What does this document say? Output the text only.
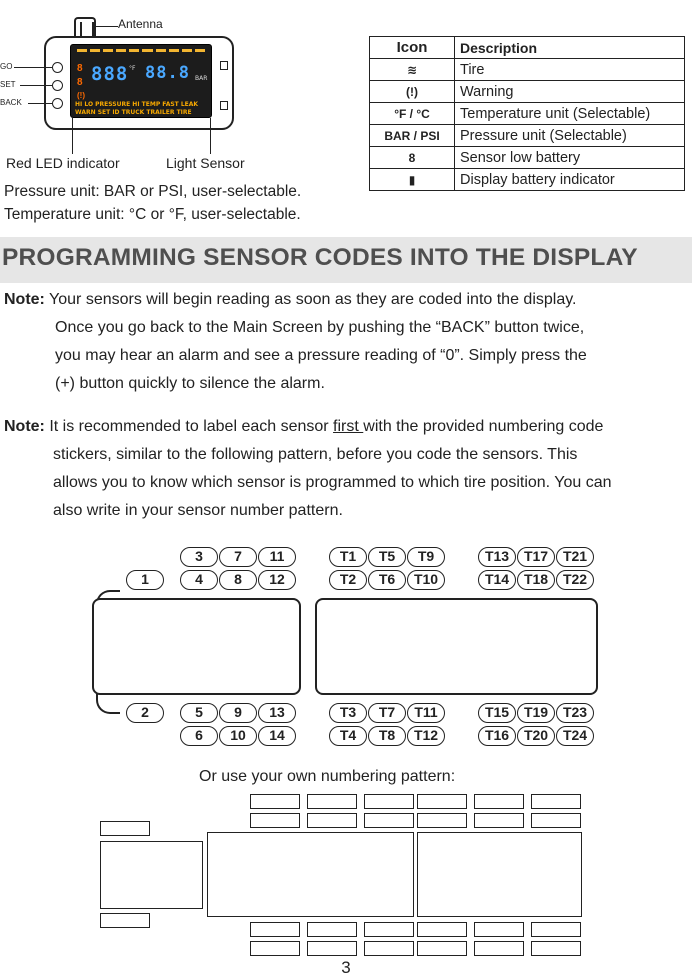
Antenna
8
8 888 °F 88.8 BAR
(!)
HI LO PRESSURE HI TEMP FAST LEAK
WARN SET ID TRUCK TRAILER TIRE
GO
SET
BACK
Red LED indicator	Light Sensor
Pressure unit: BAR or PSI, user-selectable.
Temperature unit: °C or °F, user-selectable.
Icon	Description
≋	Tire
(!)	Warning
°F / °C	Temperature unit (Selectable)
BAR / PSI	Pressure unit (Selectable)
8	Sensor low battery
▮	Display battery indicator
PROGRAMMING SENSOR CODES INTO THE DISPLAY
Note: Your sensors will begin reading as soon as they are coded into the display.
Once you go back to the Main Screen by pushing the “BACK” button twice,
you may hear an alarm and see a pressure reading of “0”. Simply press the
(+) button quickly to silence the alarm.
Note: It is recommended to label each sensor first with the provided numbering code
stickers, similar to the following pattern, before you code the sensors. This
allows you to know which sensor is programmed to which tire position. You can
also write in your sensor number pattern.
1
2
3	7	11
4	8	12
5	9	13
6	10	14
T1	T5	T9
T2	T6	T10
T3	T7	T11
T4	T8	T12
T13	T17	T21
T14	T18	T22
T15	T19	T23
T16	T20	T24
Or use your own numbering pattern:
3
